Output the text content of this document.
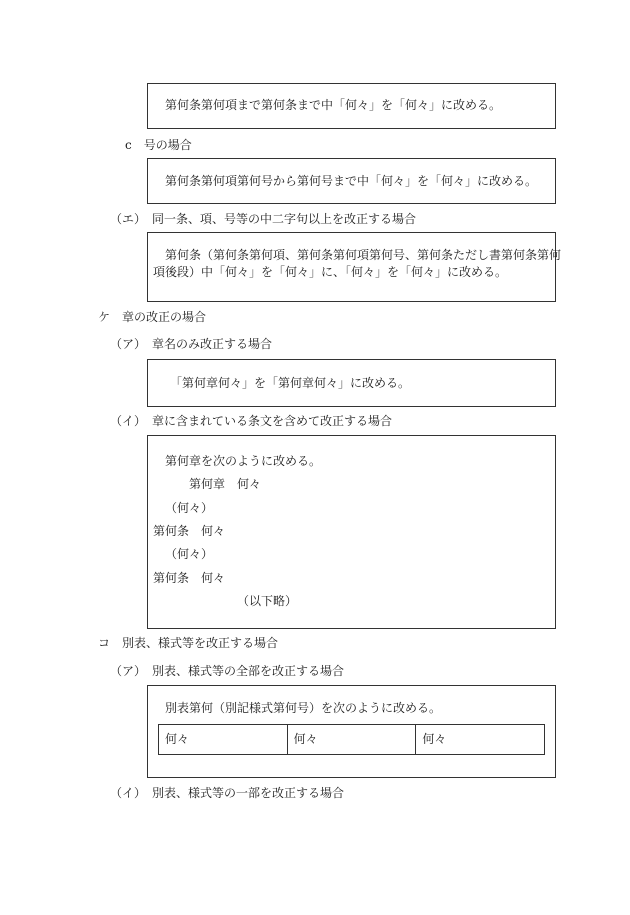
第何条第何項まで第何条まで中「何々」を「何々」に改める。
c　号の場合
第何条第何項第何号から第何号まで中「何々」を「何々」に改める。
（エ）　同一条、項、号等の中二字句以上を改正する場合
第何条（第何条第何項、第何条第何項第何号、第何条ただし書第何条第何
項後段）中「何々」を「何々」に、「何々」を「何々」に改める。
ケ　章の改正の場合
（ア）　章名のみ改正する場合
「第何章何々」を「第何章何々」に改める。
（イ）　章に含まれている条文を含めて改正する場合
第何章を次のように改める。
第何章　何々
（何々）
第何条　何々
（何々）
第何条　何々
（以下略）
コ　別表、様式等を改正する場合
（ア）　別表、様式等の全部を改正する場合
別表第何（別記様式第何号）を次のように改める。
何々	何々	何々
（イ）　別表、様式等の一部を改正する場合
